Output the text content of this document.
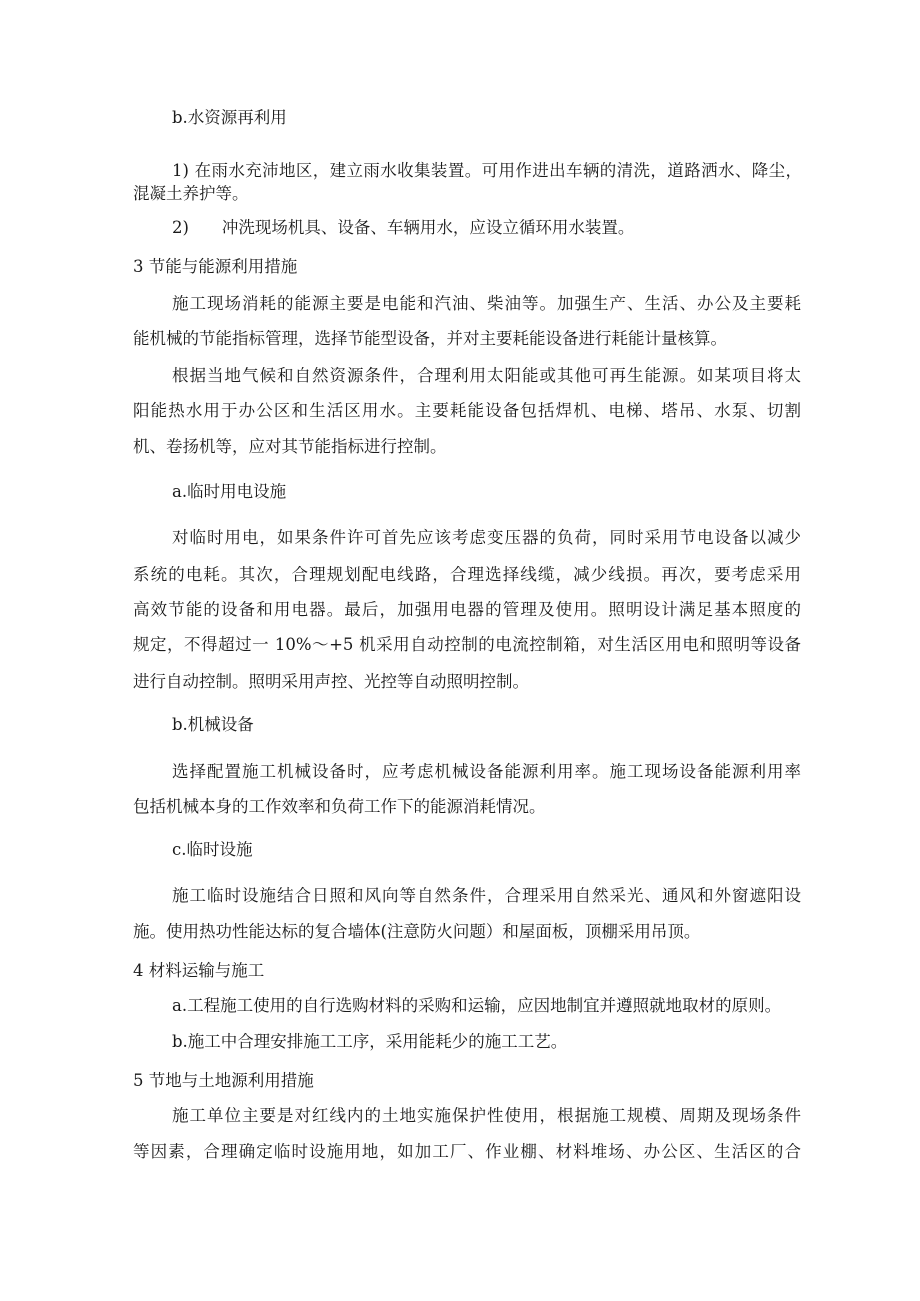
b.水资源再利用
1) 在雨水充沛地区，建立雨水收集装置。可用作进出车辆的清洗，道路洒水、降尘，
混凝土养护等。
2)　　冲洗现场机具、设备、车辆用水，应设立循环用水装置。
3 节能与能源利用措施
施工现场消耗的能源主要是电能和汽油、柴油等。加强生产、生活、办公及主要耗
能机械的节能指标管理，选择节能型设备，并对主要耗能设备进行耗能计量核算。
根据当地气候和自然资源条件，合理利用太阳能或其他可再生能源。如某项目将太
阳能热水用于办公区和生活区用水。主要耗能设备包括焊机、电梯、塔吊、水泵、切割
机、卷扬机等，应对其节能指标进行控制。
a.临时用电设施
对临时用电，如果条件许可首先应该考虑变压器的负荷，同时采用节电设备以减少
系统的电耗。其次，合理规划配电线路，合理选择线缆，减少线损。再次，要考虑采用
高效节能的设备和用电器。最后，加强用电器的管理及使用。照明设计满足基本照度的
规定，不得超过一 10%～+5 机采用自动控制的电流控制箱，对生活区用电和照明等设备
进行自动控制。照明采用声控、光控等自动照明控制。
b.机械设备
选择配置施工机械设备时，应考虑机械设备能源利用率。施工现场设备能源利用率
包括机械本身的工作效率和负荷工作下的能源消耗情况。
c.临时设施
施工临时设施结合日照和风向等自然条件，合理采用自然采光、通风和外窗遮阳设
施。使用热功性能达标的复合墙体(注意防火问题）和屋面板，顶棚采用吊顶。
4 材料运输与施工
a.工程施工使用的自行选购材料的采购和运输，应因地制宜并遵照就地取材的原则。
b.施工中合理安排施工工序，采用能耗少的施工工艺。
5 节地与土地源利用措施
施工单位主要是对红线内的土地实施保护性使用，根据施工规模、周期及现场条件
等因素，合理确定临时设施用地，如加工厂、作业棚、材料堆场、办公区、生活区的合
